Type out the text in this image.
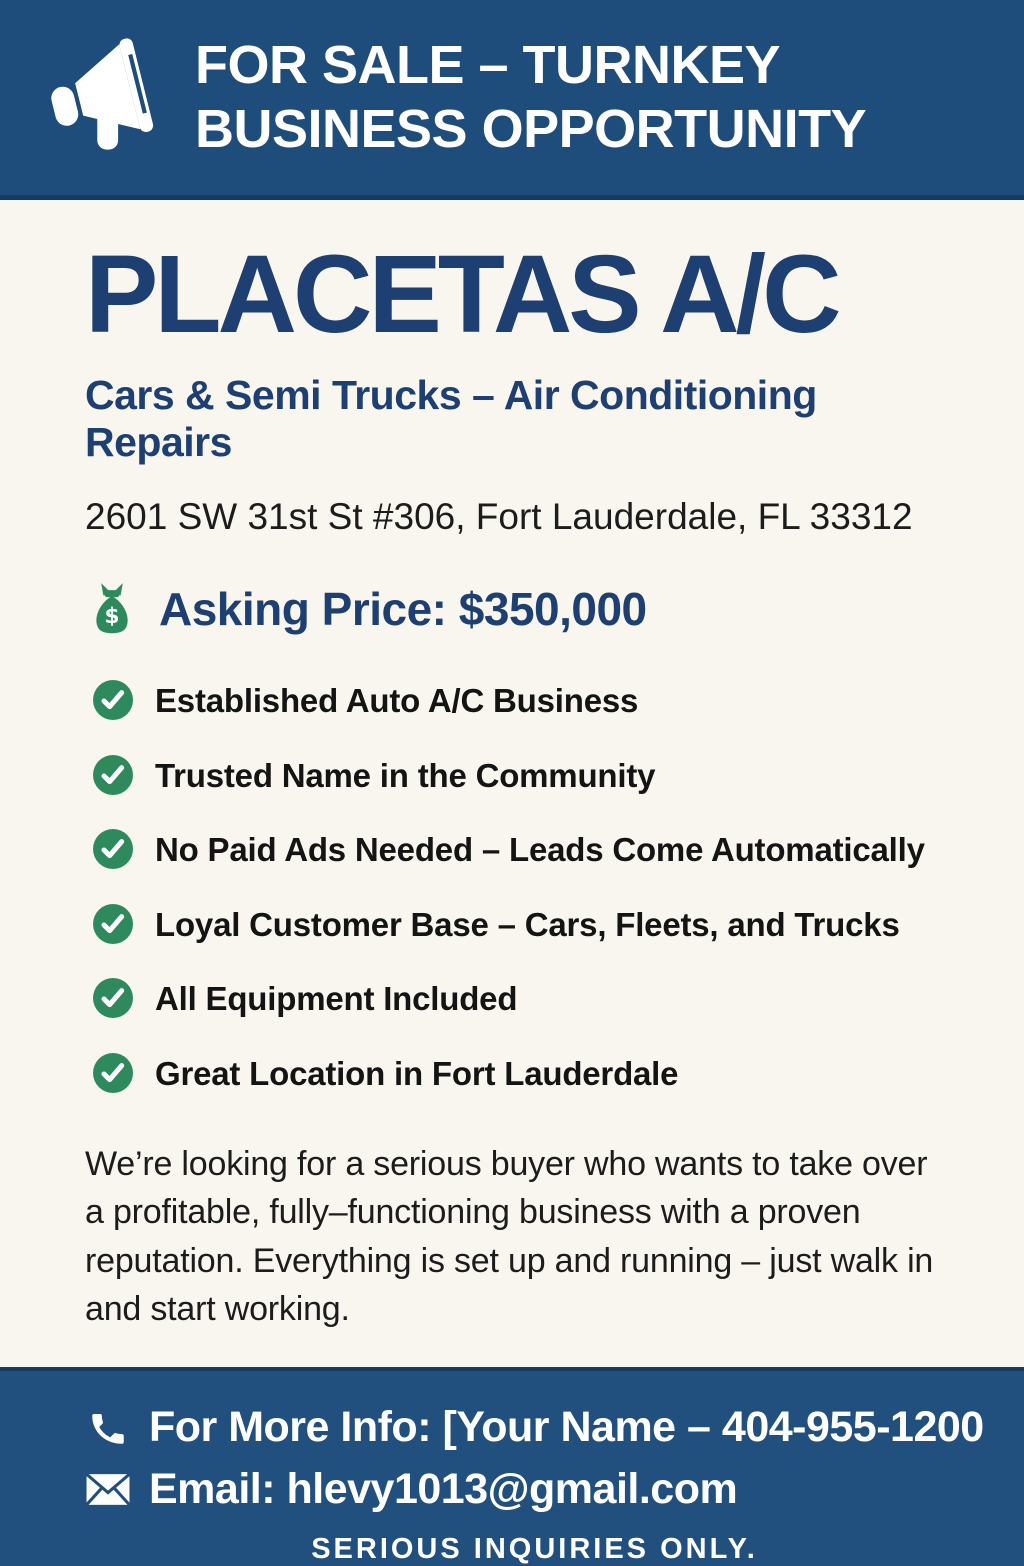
FOR SALE – TURNKEY
BUSINESS OPPORTUNITY
PLACETAS A/C
Cars & Semi Trucks – Air Conditioning Repairs
2601 SW 31st St #306, Fort Lauderdale, FL 33312
$ Asking Price: $350,000
Established Auto A/C Business
Trusted Name in the Community
No Paid Ads Needed – Leads Come Automatically
Loyal Customer Base – Cars, Fleets, and Trucks
All Equipment Included
Great Location in Fort Lauderdale

We’re looking for a serious buyer who wants to take over a profitable, fully–functioning business with a proven reputation. Everything is set up and running – just walk in and start working.

For More Info: [Your Name – 404-955-1200
Email: hlevy1013@gmail.com
SERIOUS INQUIRIES ONLY.
